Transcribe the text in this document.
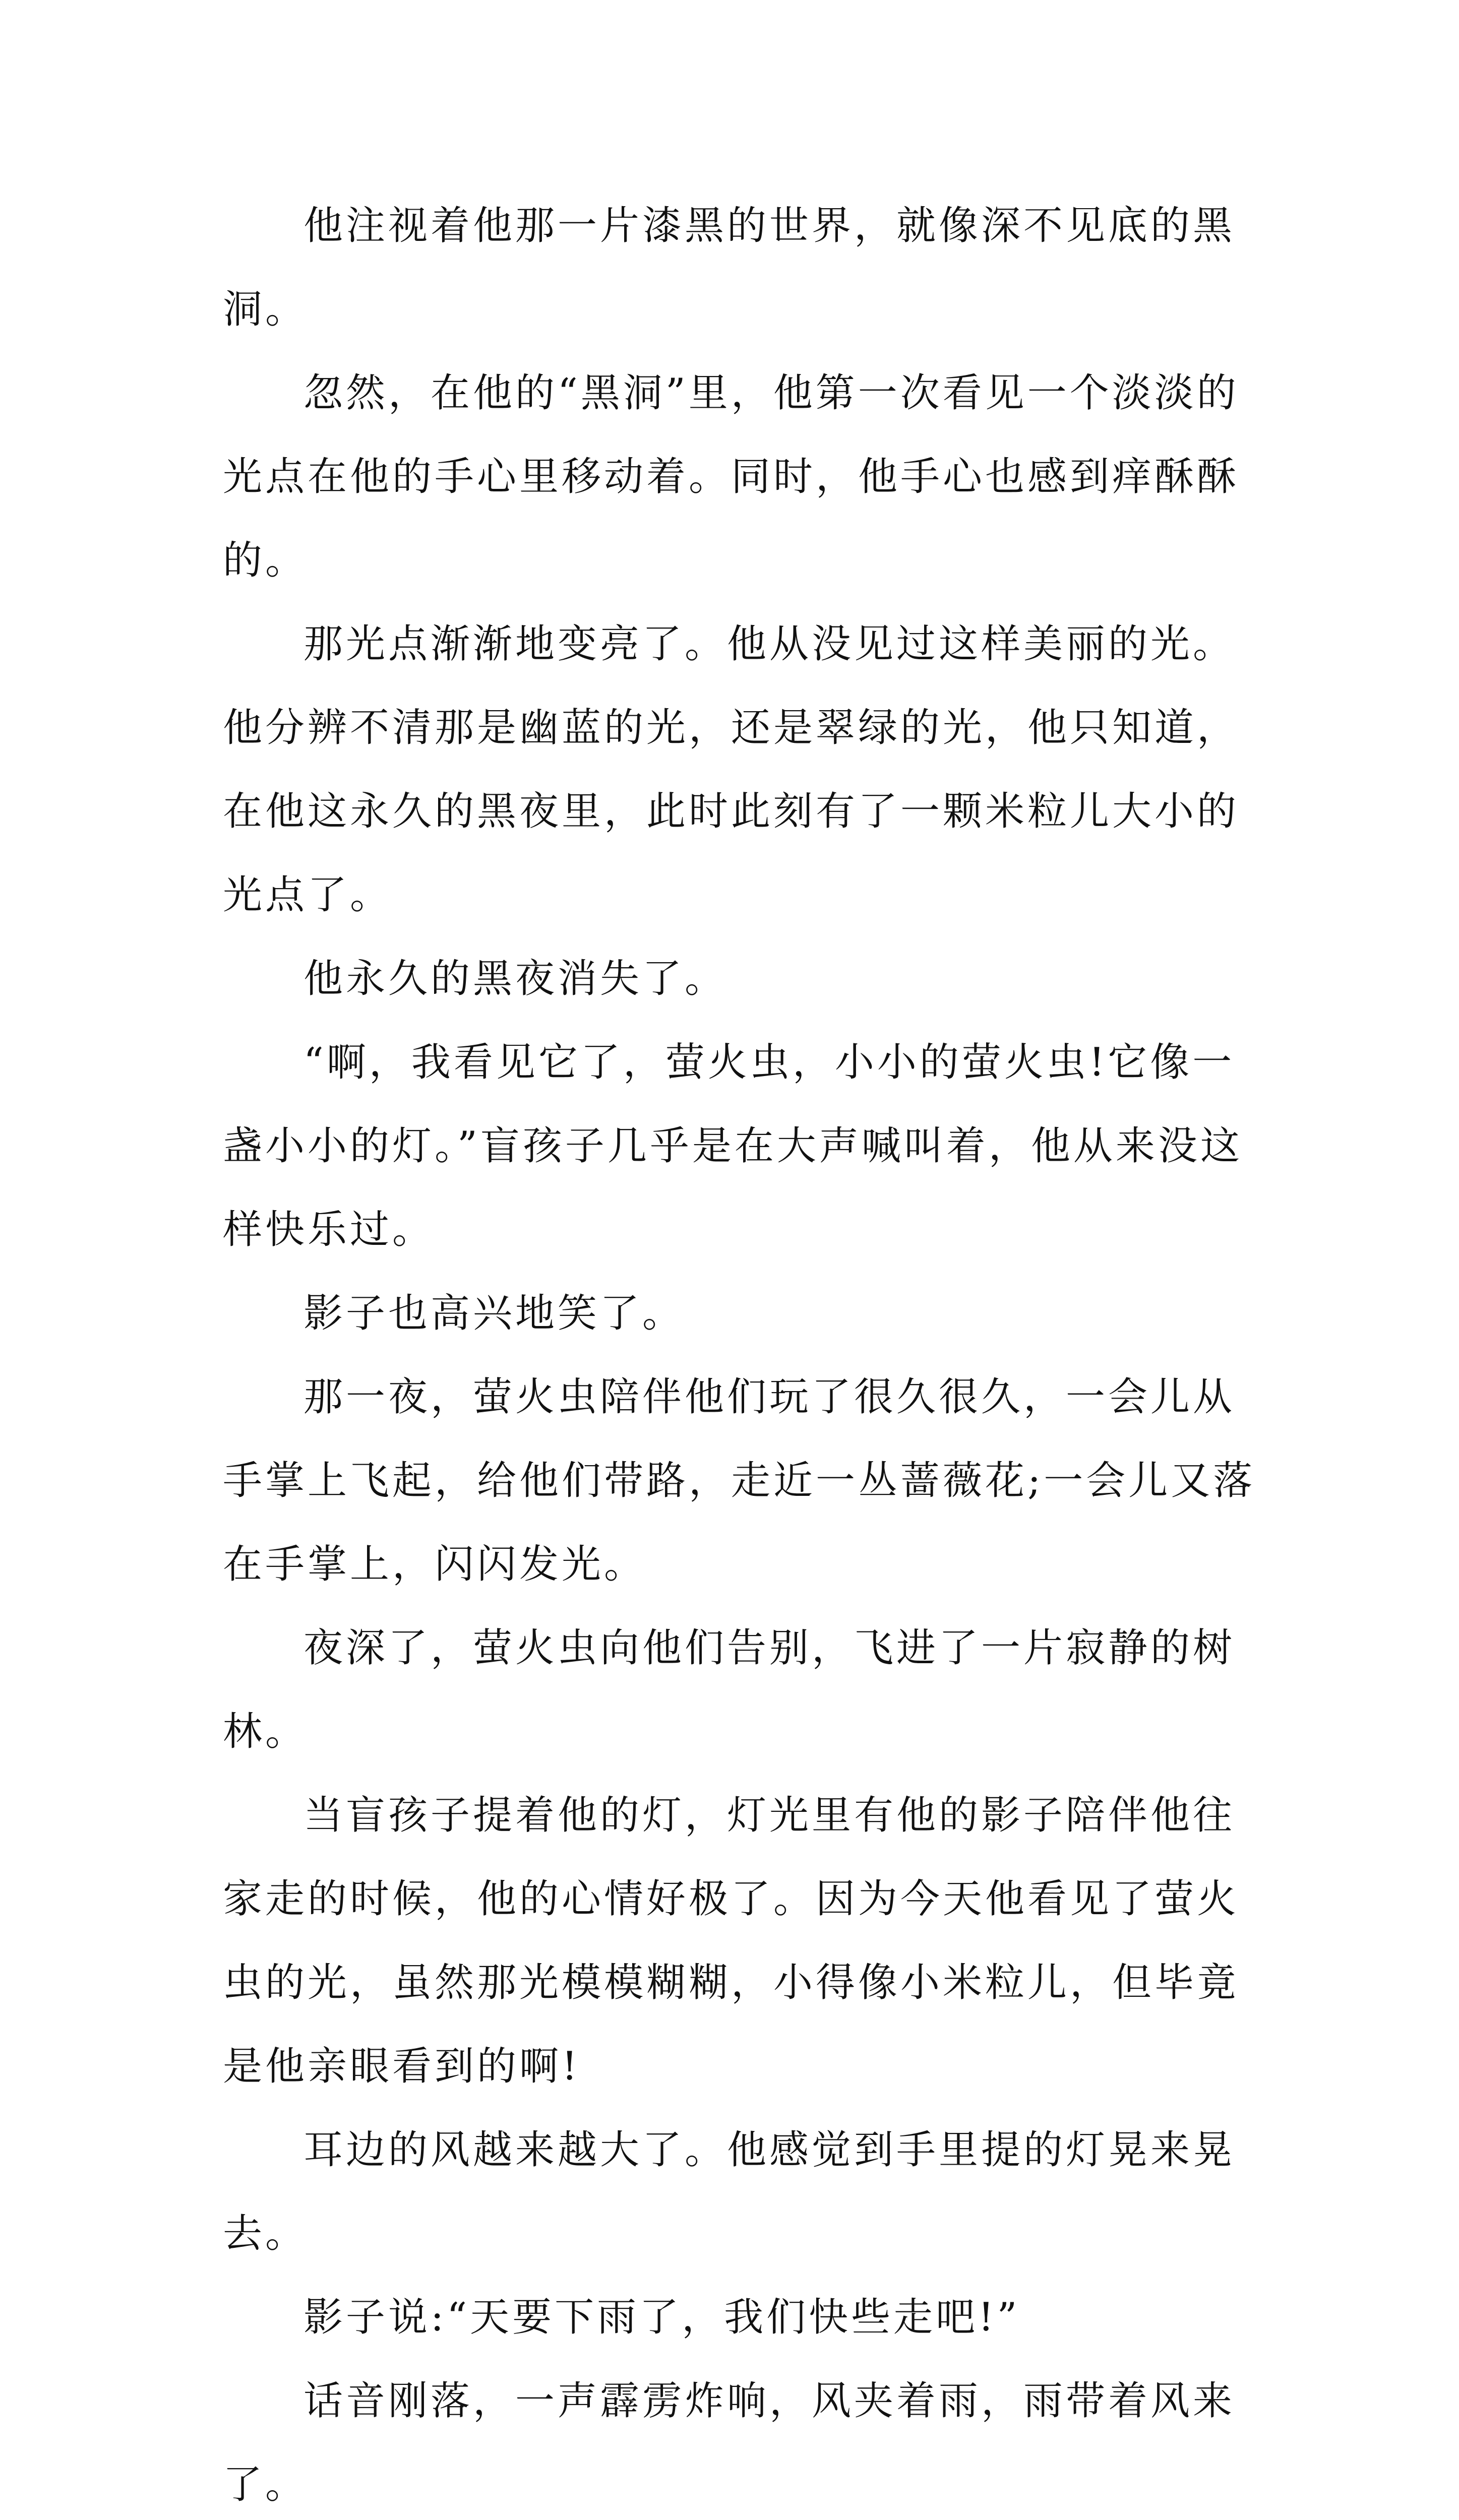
他注视着他那一片漆黑的世界，就像深不见底的黑洞。

忽然，在他的“黑洞”里，他第一次看见一个淡淡的光点在他的手心里移动着。同时，他手心也感到痒酥酥的。

那光点渐渐地变亮了。他从没见过这样美丽的光。他分辨不清那是幽蓝的光，还是翠绿的光，他只知道，在他这永久的黑夜里，此时此刻有了一颗米粒儿大小的光点了。

他永久的黑夜消失了。

“啊，我看见它了，萤火虫，小小的萤火虫!它像一盏小小的灯。”盲孩子几乎是在大声喊叫着，他从来没这样快乐过。

影子也高兴地笑了。

那一夜，萤火虫陪伴他们玩了很久很久，一会儿从手掌上飞起，给他们带路，走近一丛蔷薇花;一会儿又落在手掌上，闪闪发光。

夜深了，萤火虫向他们告别，飞进了一片寂静的树林。

当盲孩子提着他的灯，灯光里有他的影子陪伴他往家走的时候，他的心情好极了。因为今天他看见了萤火虫的光，虽然那光模模糊糊，小得像小米粒儿，但毕竟是他亲眼看到的啊!

耳边的风越来越大了。他感觉到手里提的灯晃来晃去。

影子说:“天要下雨了，我们快些走吧!”

话音刚落，一声霹雳炸响，风夹着雨，雨带着风来了。
